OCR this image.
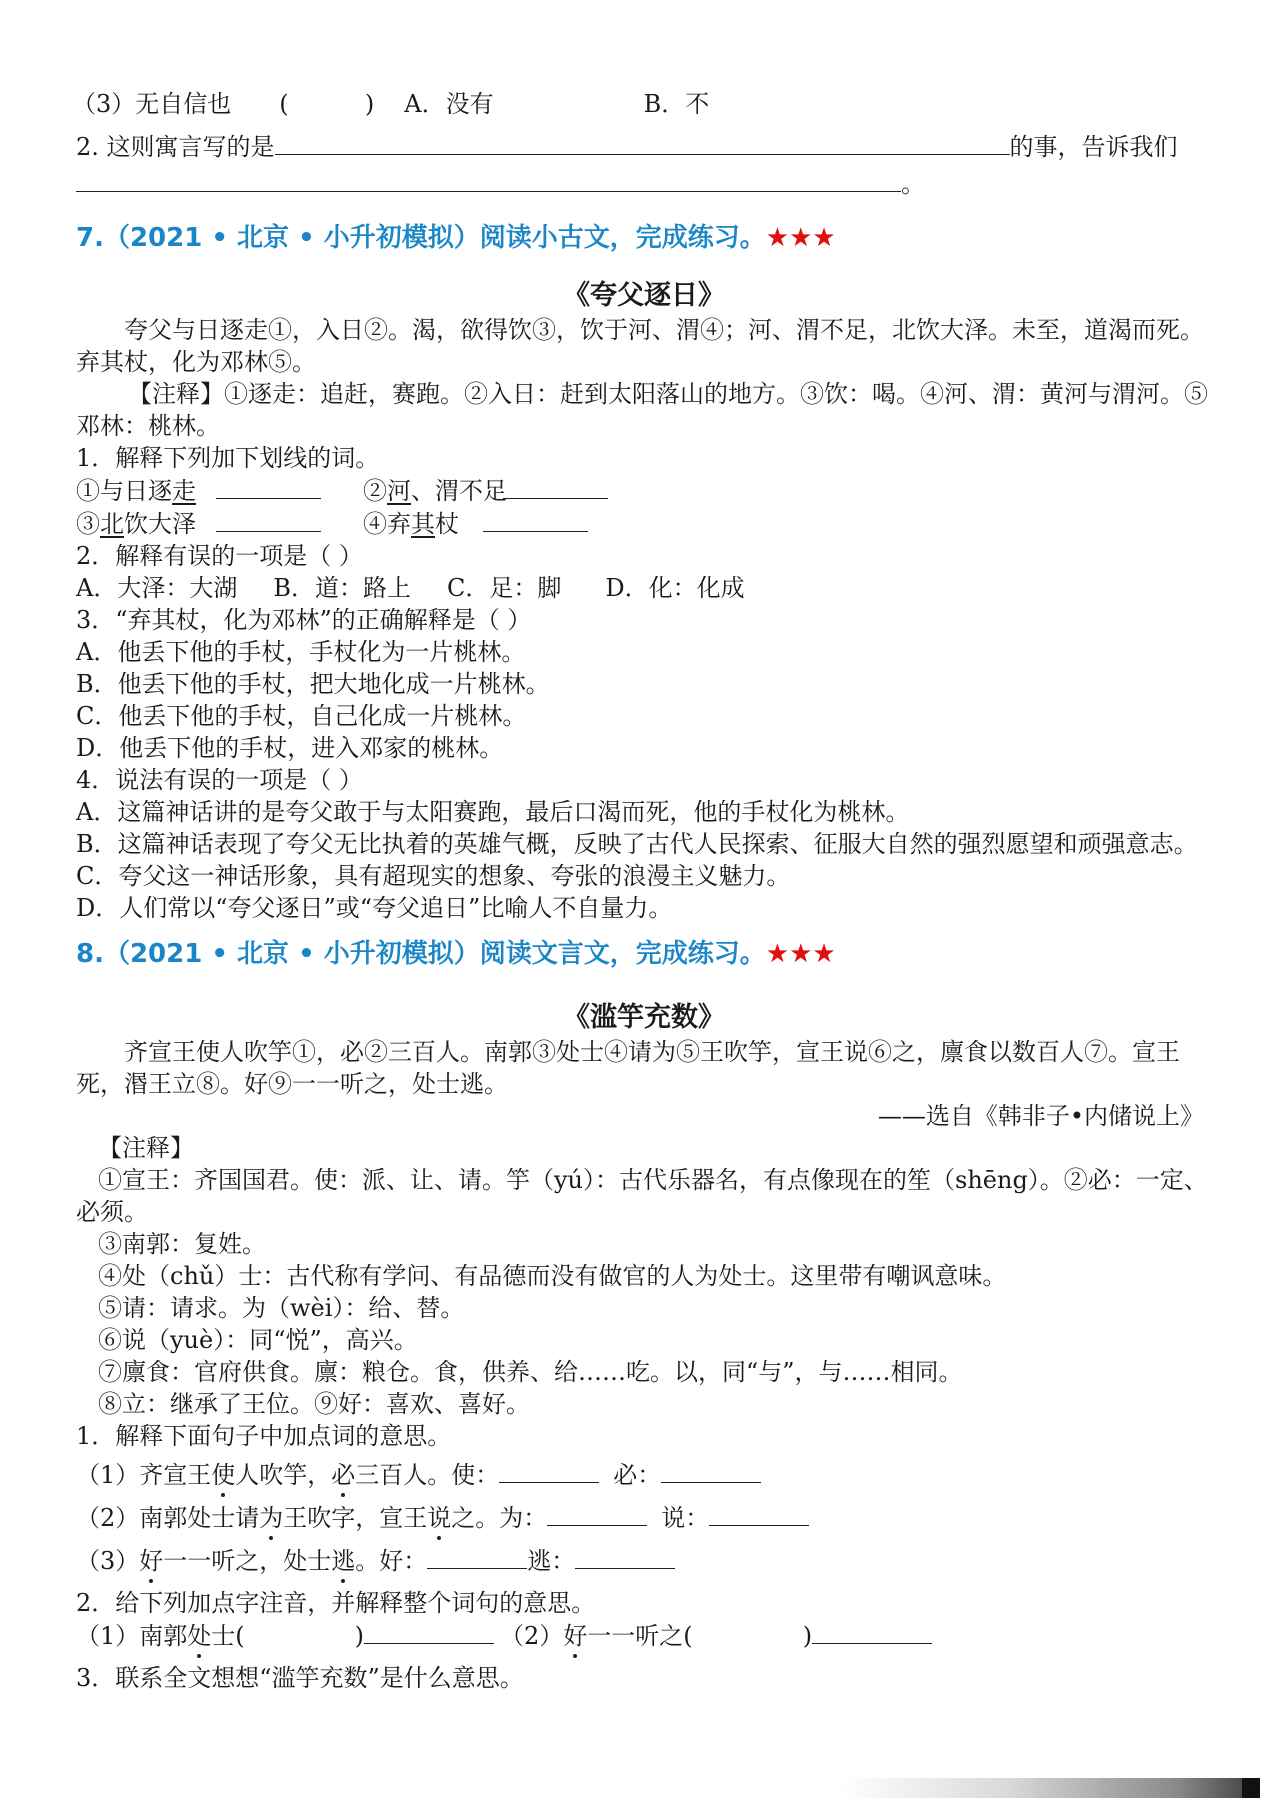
（3）无自信也 (          ) A．没有	B．不
2. 这则寓言写的是	的事，告诉我们
。
7.（2021 • 北京 • 小升初模拟）阅读小古文，完成练习。★★★
《夸父逐日》
夸父与日逐走①，入日②。渴，欲得饮③，饮于河、渭④；河、渭不足，北饮大泽。未至，道渴而死。弃其杖，化为邓林⑤。
【注释】①逐走：追赶，赛跑。②入日：赶到太阳落山的地方。③饮：喝。④河、渭：黄河与渭河。⑤邓林：桃林。
1．解释下列加下划线的词。
①与日逐走	②河、渭不足
③北饮大泽	④弃其杖
2．解释有误的一项是（ ）
A．大泽：大湖 B．道：路上 C．足：脚 D．化：化成
3．“弃其杖，化为邓林”的正确解释是（ ）
A．他丢下他的手杖，手杖化为一片桃林。
B．他丢下他的手杖，把大地化成一片桃林。
C．他丢下他的手杖，自己化成一片桃林。
D．他丢下他的手杖，进入邓家的桃林。
4．说法有误的一项是（ ）
A．这篇神话讲的是夸父敢于与太阳赛跑，最后口渴而死，他的手杖化为桃林。
B．这篇神话表现了夸父无比执着的英雄气概，反映了古代人民探索、征服大自然的强烈愿望和顽强意志。
C．夸父这一神话形象，具有超现实的想象、夸张的浪漫主义魅力。
D．人们常以“夸父逐日”或“夸父追日”比喻人不自量力。
8.（2021 • 北京 • 小升初模拟）阅读文言文，完成练习。★★★
《滥竽充数》
齐宣王使人吹竽①，必②三百人。南郭③处士④请为⑤王吹竽，宣王说⑥之，廪食以数百人⑦。宣王死，湣王立⑧。好⑨一一听之，处士逃。
——选自《韩非子•内储说上》
【注释】
①宣王：齐国国君。使：派、让、请。竽（yú）：古代乐器名，有点像现在的笙（shēng）。②必：一定、必须。
③南郭：复姓。
④处（chǔ）士：古代称有学问、有品德而没有做官的人为处士。这里带有嘲讽意味。
⑤请：请求。为（wèi）：给、替。
⑥说（yuè）：同“悦”，高兴。
⑦廪食：官府供食。廪：粮仓。食，供养、给……吃。以，同“与”，与……相同。
⑧立：继承了王位。⑨好：喜欢、喜好。
1．解释下面句子中加点词的意思。
（1）齐宣王使人吹竽，必三百人。使：	必：
（2）南郭处士请为王吹字，宣王说之。为：	说：
（3）好一一听之，处士逃。好：	逃：
2．给下列加点字注音，并解释整个词句的意思。
（1）南郭处士(	)	（2）好一一听之(	)
3．联系全文想想“滥竽充数”是什么意思。
